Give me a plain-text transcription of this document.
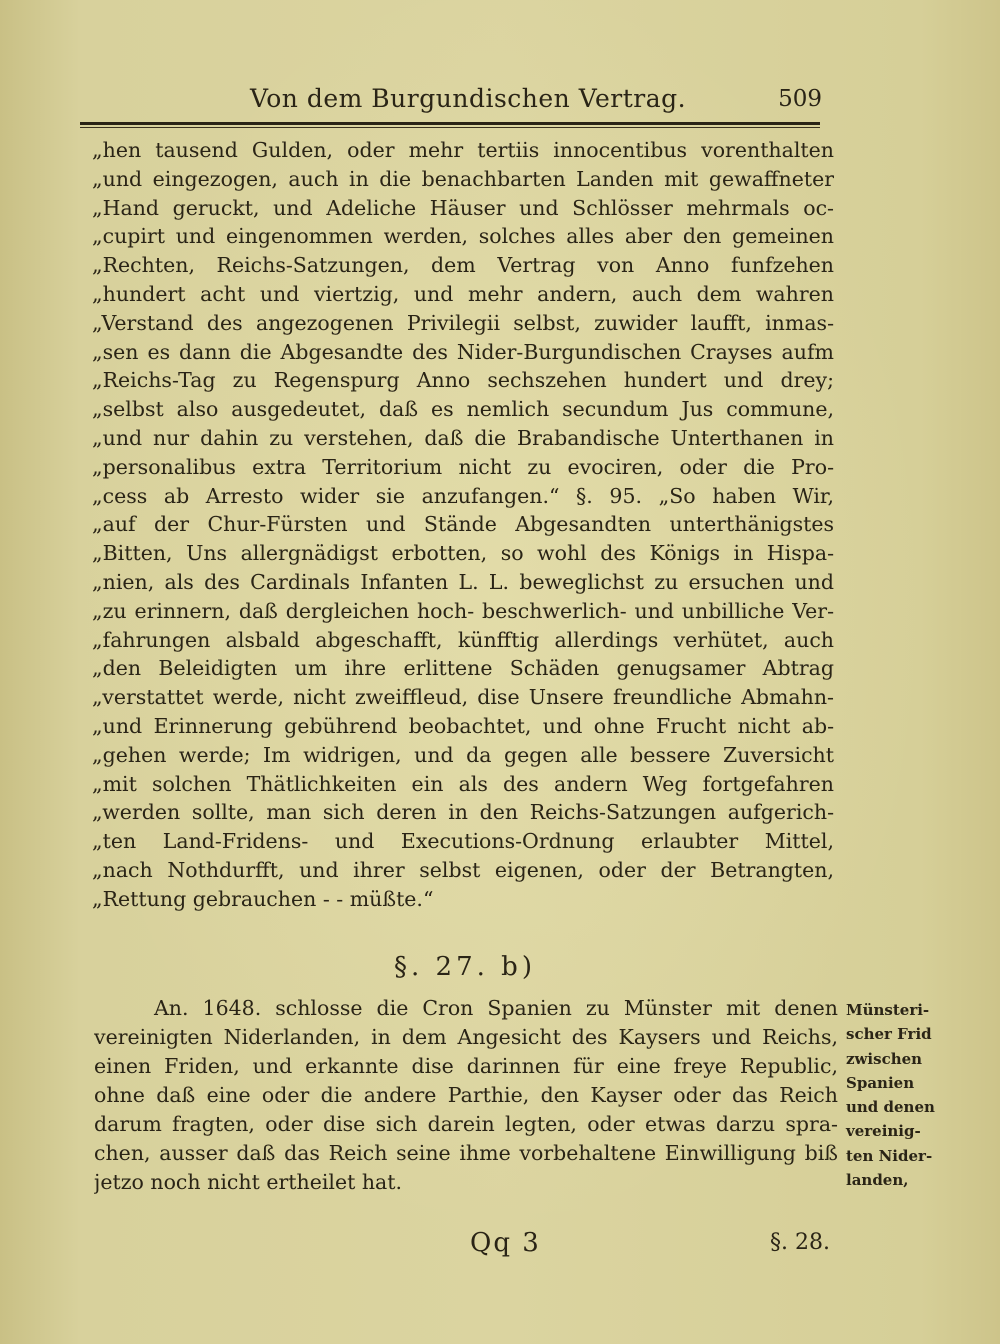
Von dem Burgundischen Vertrag.	509
„hen tausend Gulden, oder mehr tertiis innocentibus vorenthalten
„und eingezogen, auch in die benachbarten Landen mit gewaffneter
„Hand geruckt, und Adeliche Häuser und Schlösser mehrmals oc-
„cupirt und eingenommen werden, solches alles aber den gemeinen
„Rechten, Reichs-Satzungen, dem Vertrag von Anno funfzehen
„hundert acht und viertzig, und mehr andern, auch dem wahren
„Verstand des angezogenen Privilegii selbst, zuwider laufft, inmas-
„sen es dann die Abgesandte des Nider-Burgundischen Crayses aufm
„Reichs-Tag zu Regenspurg Anno sechszehen hundert und drey;
„selbst also ausgedeutet, daß es nemlich secundum Jus commune,
„und nur dahin zu verstehen, daß die Brabandische Unterthanen in
„personalibus extra Territorium nicht zu evociren, oder die Pro-
„cess ab Arresto wider sie anzufangen.“ §. 95. „So haben Wir,
„auf der Chur-Fürsten und Stände Abgesandten unterthänigstes
„Bitten, Uns allergnädigst erbotten, so wohl des Königs in Hispa-
„nien, als des Cardinals Infanten L. L. beweglichst zu ersuchen und
„zu erinnern, daß dergleichen hoch- beschwerlich- und unbilliche Ver-
„fahrungen alsbald abgeschafft, künfftig allerdings verhütet, auch
„den Beleidigten um ihre erlittene Schäden genugsamer Abtrag
„verstattet werde, nicht zweiffleud, dise Unsere freundliche Abmahn-
„und Erinnerung gebührend beobachtet, und ohne Frucht nicht ab-
„gehen werde; Im widrigen, und da gegen alle bessere Zuversicht
„mit solchen Thätlichkeiten ein als des andern Weg fortgefahren
„werden sollte, man sich deren in den Reichs-Satzungen aufgerich-
„ten Land-Fridens- und Executions-Ordnung erlaubter Mittel,
„nach Nothdurfft, und ihrer selbst eigenen, oder der Betrangten,
„Rettung gebrauchen - - müßte.“
§. 27. b)
An. 1648. schlosse die Cron Spanien zu Münster mit denen
vereinigten Niderlanden, in dem Angesicht des Kaysers und Reichs,
einen Friden, und erkannte dise darinnen für eine freye Republic,
ohne daß eine oder die andere Parthie, den Kayser oder das Reich
darum fragten, oder dise sich darein legten, oder etwas darzu spra-
chen, ausser daß das Reich seine ihme vorbehaltene Einwilligung biß
jetzo noch nicht ertheilet hat.
Münsteri-
scher Frid
zwischen
Spanien
und denen
vereinig-
ten Nider-
landen,
Qq 3	§. 28.
